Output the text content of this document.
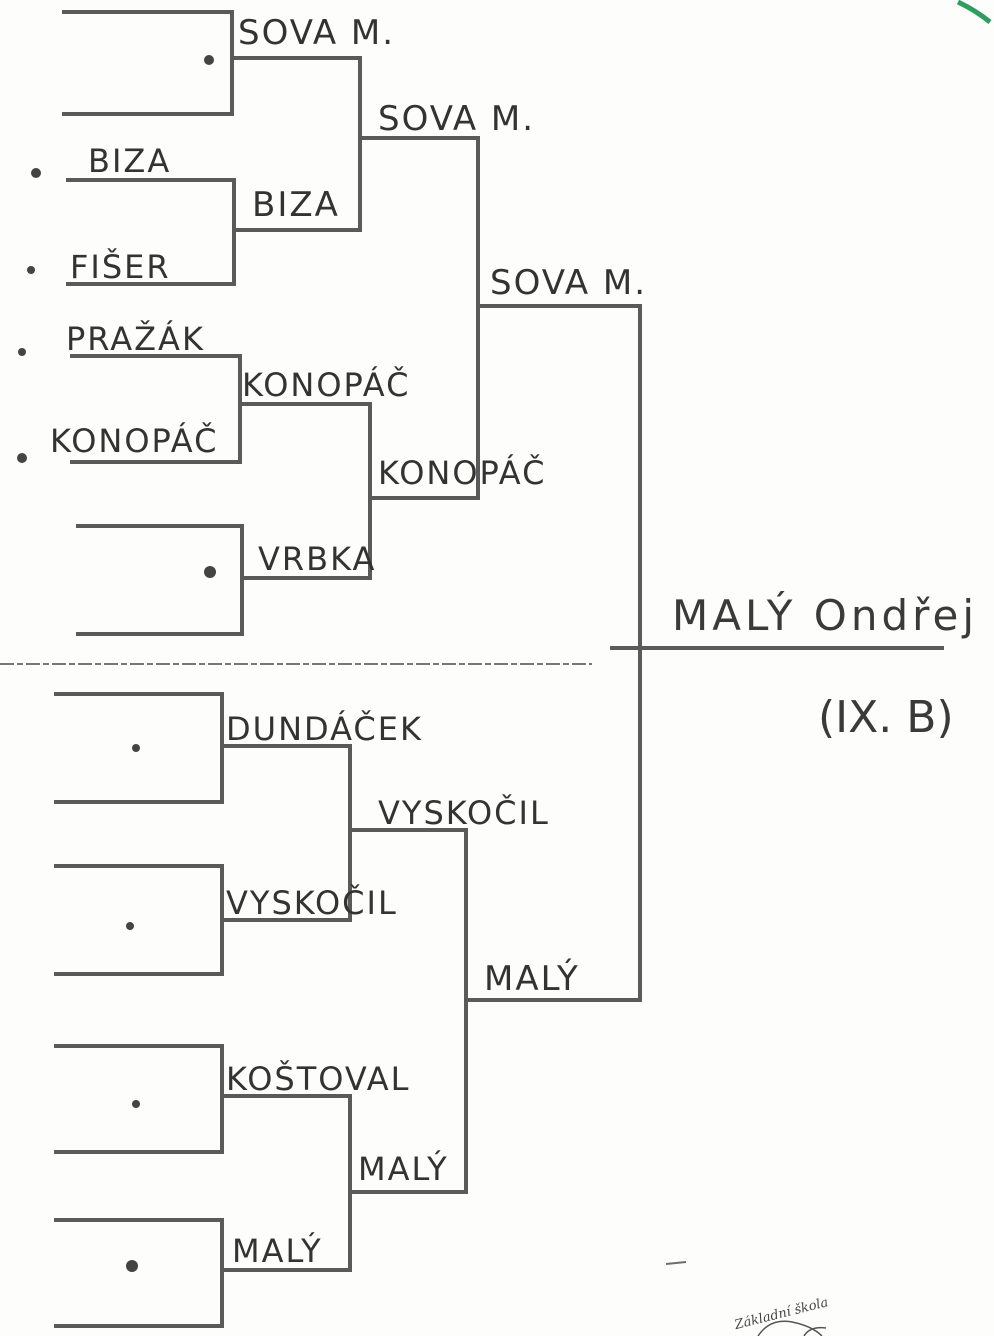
BIZA
FIŠER
PRAŽÁK
KONOPÁČ
SOVA M.
BIZA
KONOPÁČ
VRBKA
DUNDÁČEK
VYSKOČIL
KOŠTOVAL
MALÝ
SOVA M.
KONOPÁČ
VYSKOČIL
MALÝ
SOVA M.
MALÝ
MALÝ Ondřej
(IX. B)
Základní škola
